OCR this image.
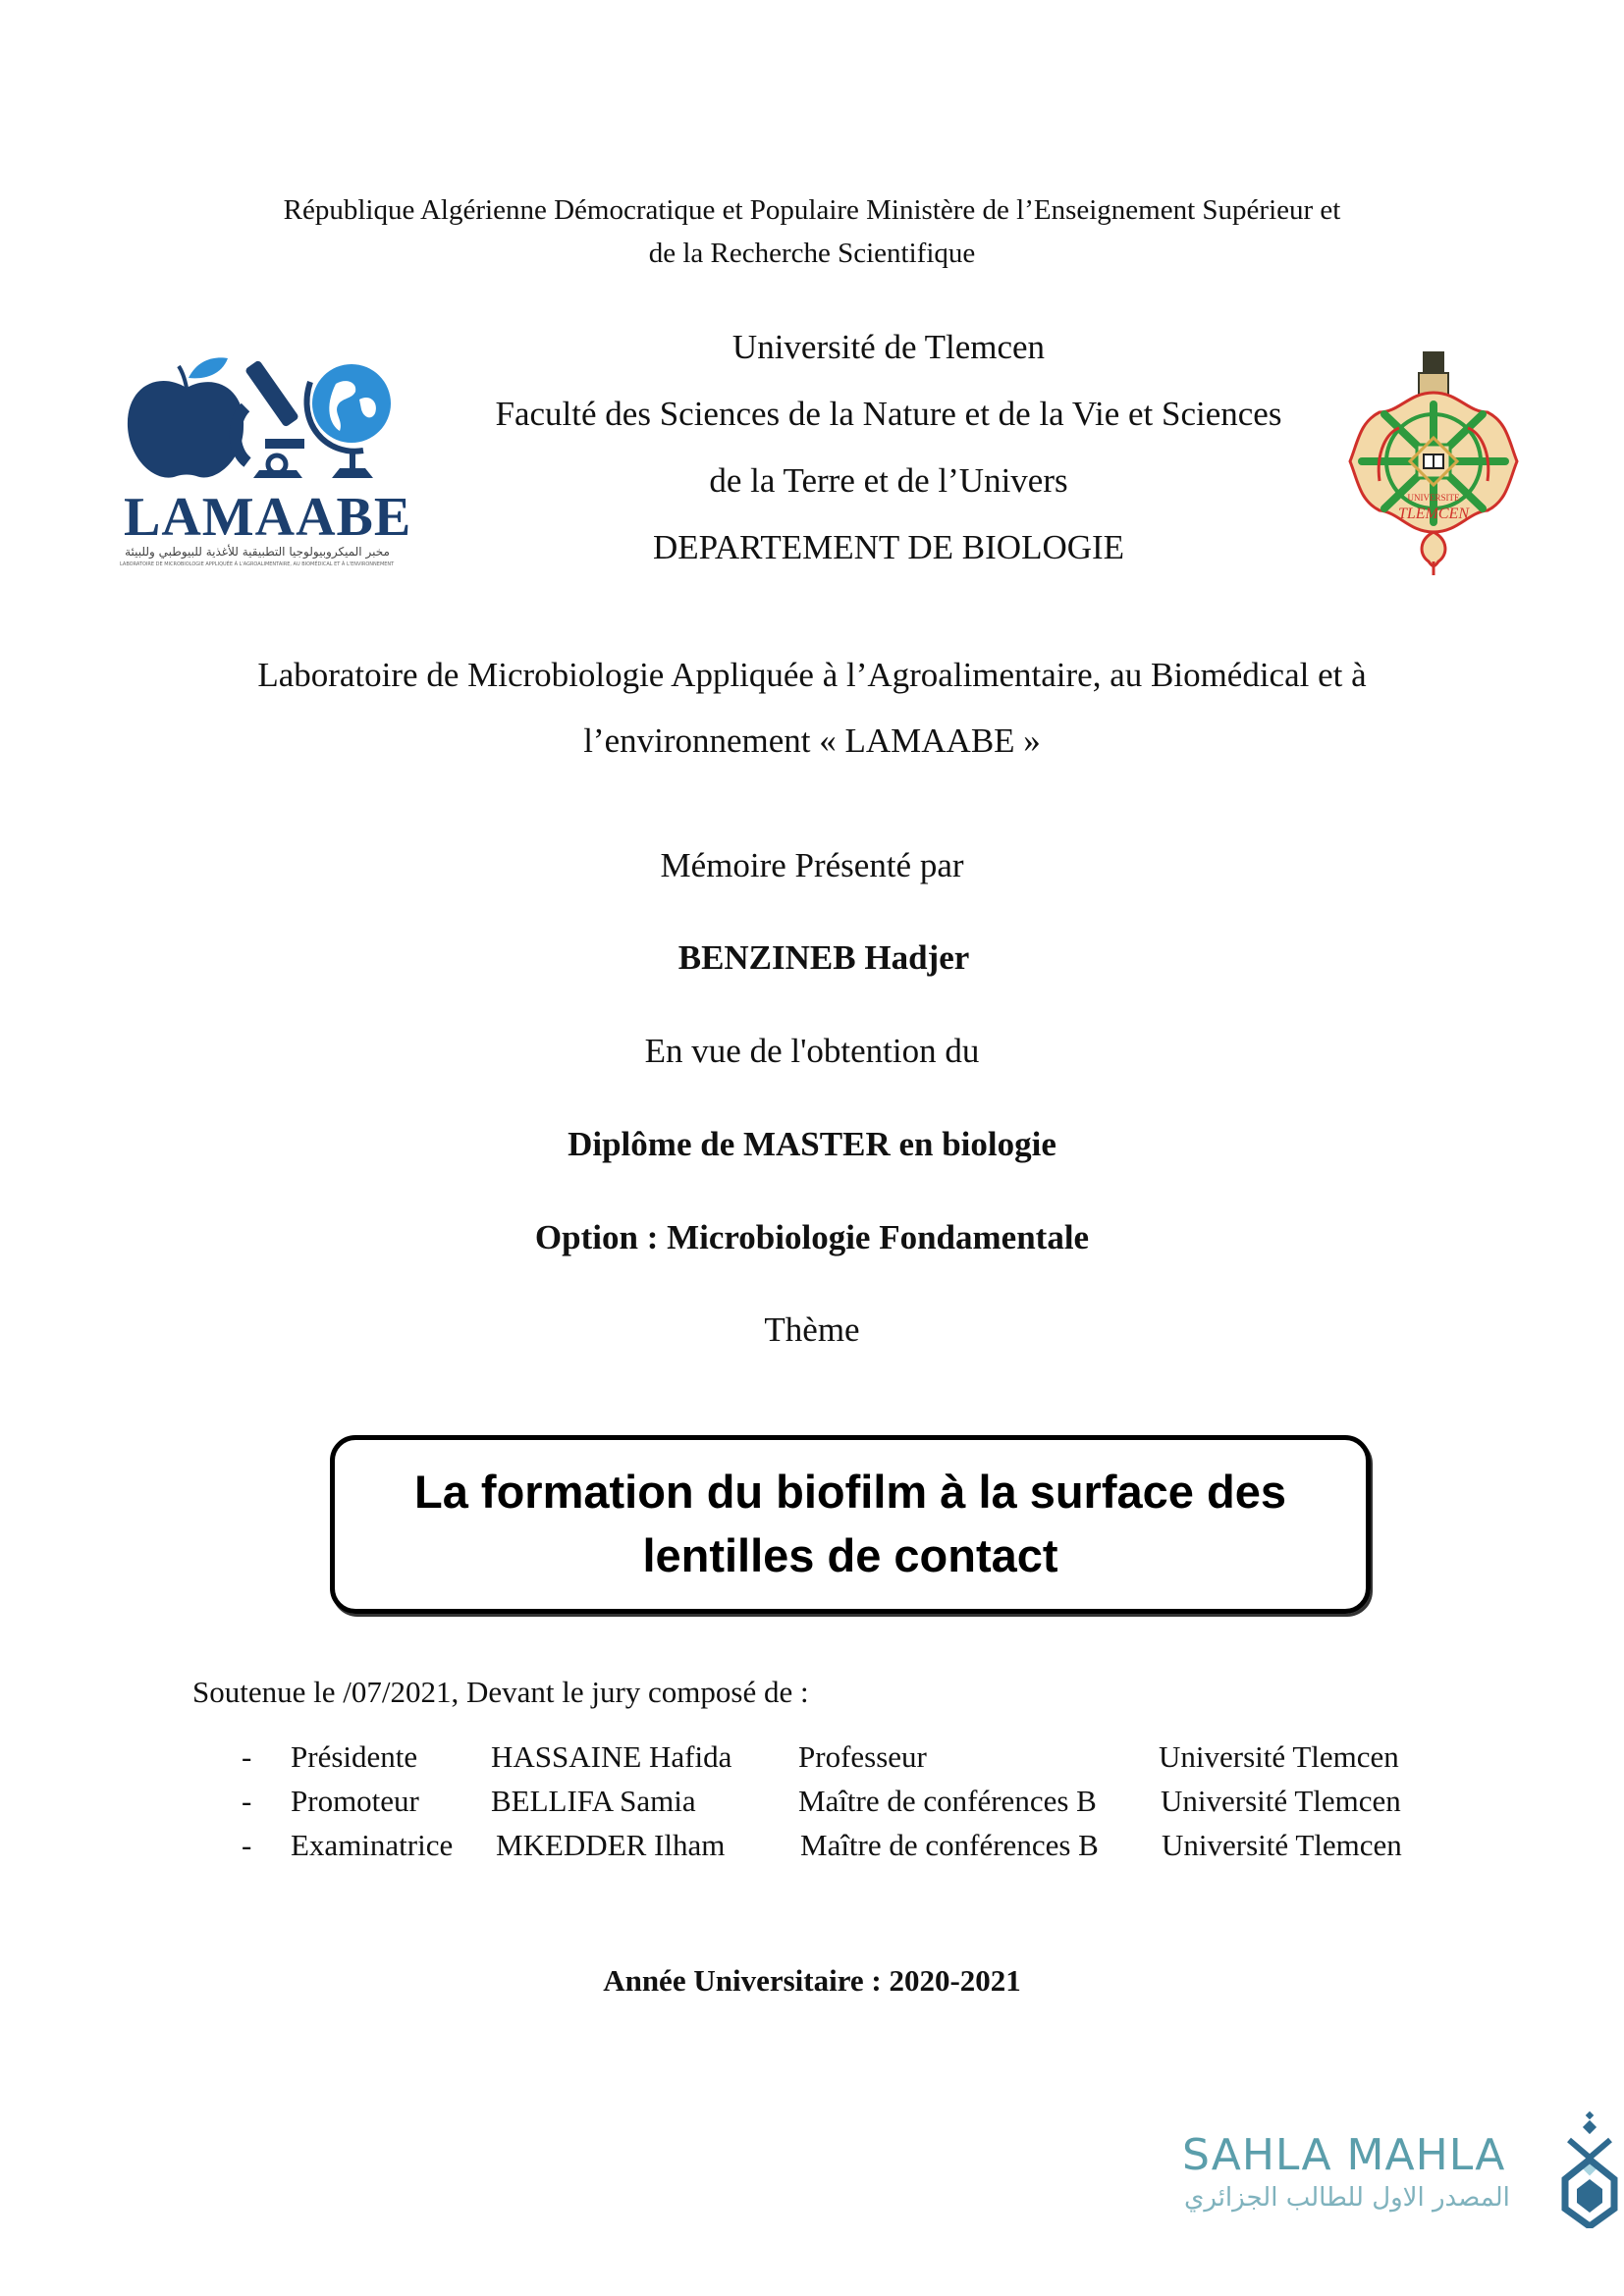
République Algérienne Démocratique et Populaire Ministère de l’Enseignement Supérieur et
de la Recherche Scientifique
LAMAABE
مخبر الميكروبيولوجيا التطبيقية للأغذية للبيوطبي وللبيئة
LABORATOIRE DE MICROBIOLOGIE APPLIQUÉE À L'AGROALIMENTAIRE, AU BIOMÉDICAL ET À L'ENVIRONNEMENT
Université de Tlemcen
Faculté des Sciences de la Nature et de la Vie et Sciences
de la Terre et de l’Univers
DEPARTEMENT DE BIOLOGIE
UNIVERSITE
TLEMCEN
Laboratoire de Microbiologie Appliquée à l’Agroalimentaire, au Biomédical et à
l’environnement « LAMAABE »
Mémoire Présenté par
BENZINEB Hadjer
En vue de l'obtention du
Diplôme de MASTER en biologie
Option : Microbiologie Fondamentale
Thème
La formation du biofilm à la surface des
lentilles de contact
Soutenue le /07/2021, Devant le jury composé de :
- Présidente HASSAINE Hafida Professeur	Université Tlemcen
- Promoteur BELLIFA Samia	Maître de conférences B Université Tlemcen
- Examinatrice MKEDDER Ilham Maître de conférences B Université Tlemcen
Année Universitaire : 2020-2021
SAHLA MAHLA
المصدر الاول للطالب الجزائري
